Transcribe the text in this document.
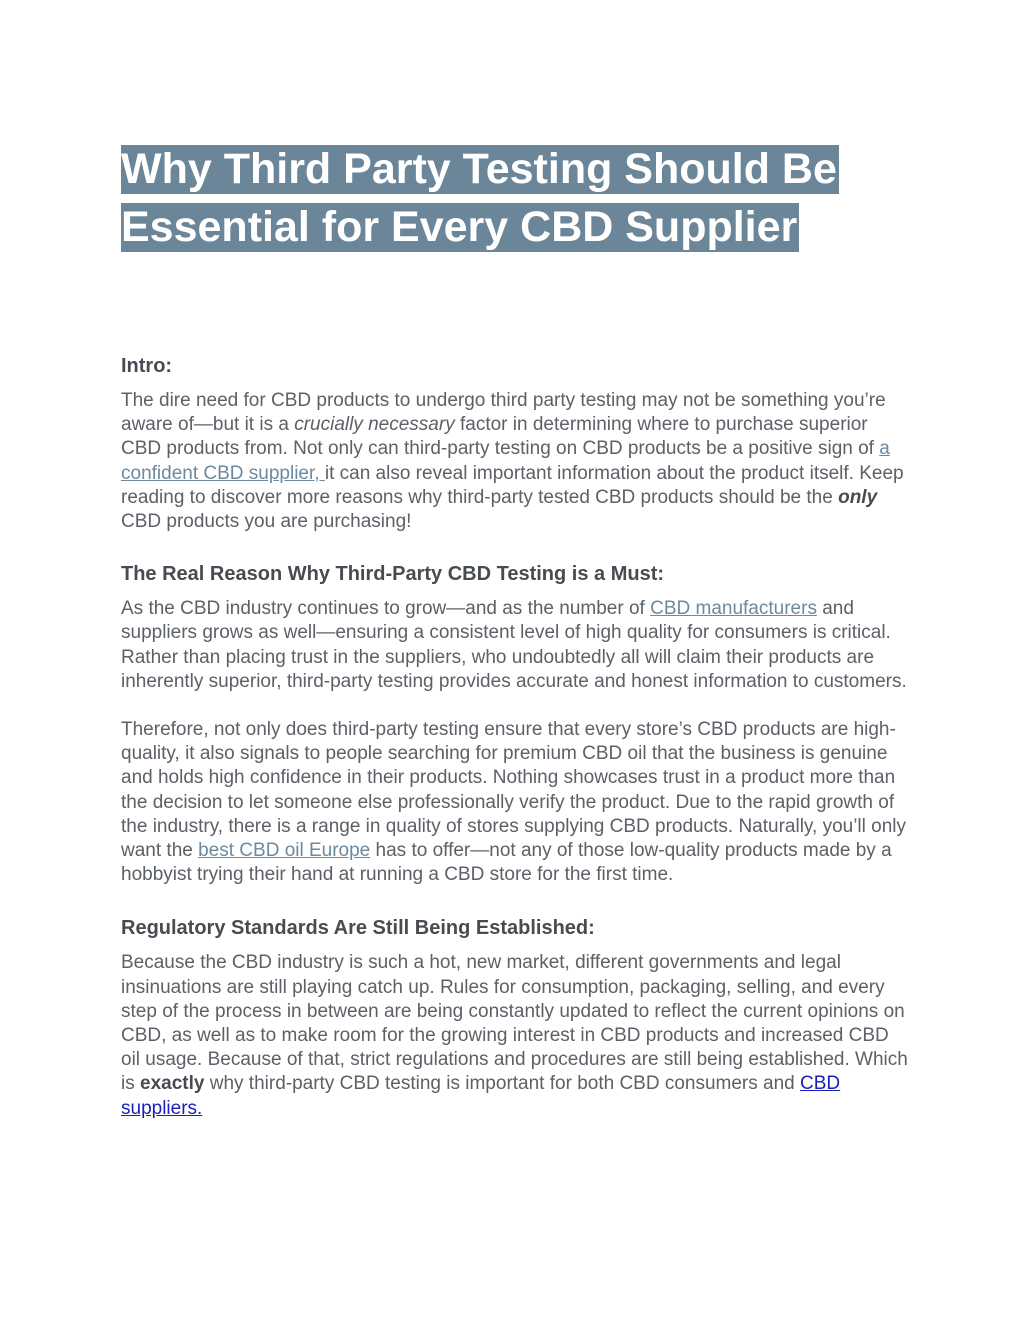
Why Third Party Testing Should Be
Essential for Every CBD Supplier
Intro:

The dire need for CBD products to undergo third party testing may not be something you’re aware of—but it is a crucially necessary factor in determining where to purchase superior CBD products from. Not only can third-party testing on CBD products be a positive sign of a confident CBD supplier, it can also reveal important information about the product itself. Keep reading to discover more reasons why third-party tested CBD products should be the only CBD products you are purchasing!

The Real Reason Why Third-Party CBD Testing is a Must:

As the CBD industry continues to grow—and as the number of CBD manufacturers and suppliers grows as well—ensuring a consistent level of high quality for consumers is critical. Rather than placing trust in the suppliers, who undoubtedly all will claim their products are inherently superior, third-party testing provides accurate and honest information to customers.

Therefore, not only does third-party testing ensure that every store’s CBD products are high-quality, it also signals to people searching for premium CBD oil that the business is genuine and holds high confidence in their products. Nothing showcases trust in a product more than the decision to let someone else professionally verify the product. Due to the rapid growth of the industry, there is a range in quality of stores supplying CBD products. Naturally, you’ll only want the best CBD oil Europe has to offer—not any of those low-quality products made by a hobbyist trying their hand at running a CBD store for the first time.

Regulatory Standards Are Still Being Established:

Because the CBD industry is such a hot, new market, different governments and legal insinuations are still playing catch up. Rules for consumption, packaging, selling, and every step of the process in between are being constantly updated to reflect the current opinions on CBD, as well as to make room for the growing interest in CBD products and increased CBD oil usage. Because of that, strict regulations and procedures are still being established. Which is exactly why third-party CBD testing is important for both CBD consumers and CBD suppliers.
